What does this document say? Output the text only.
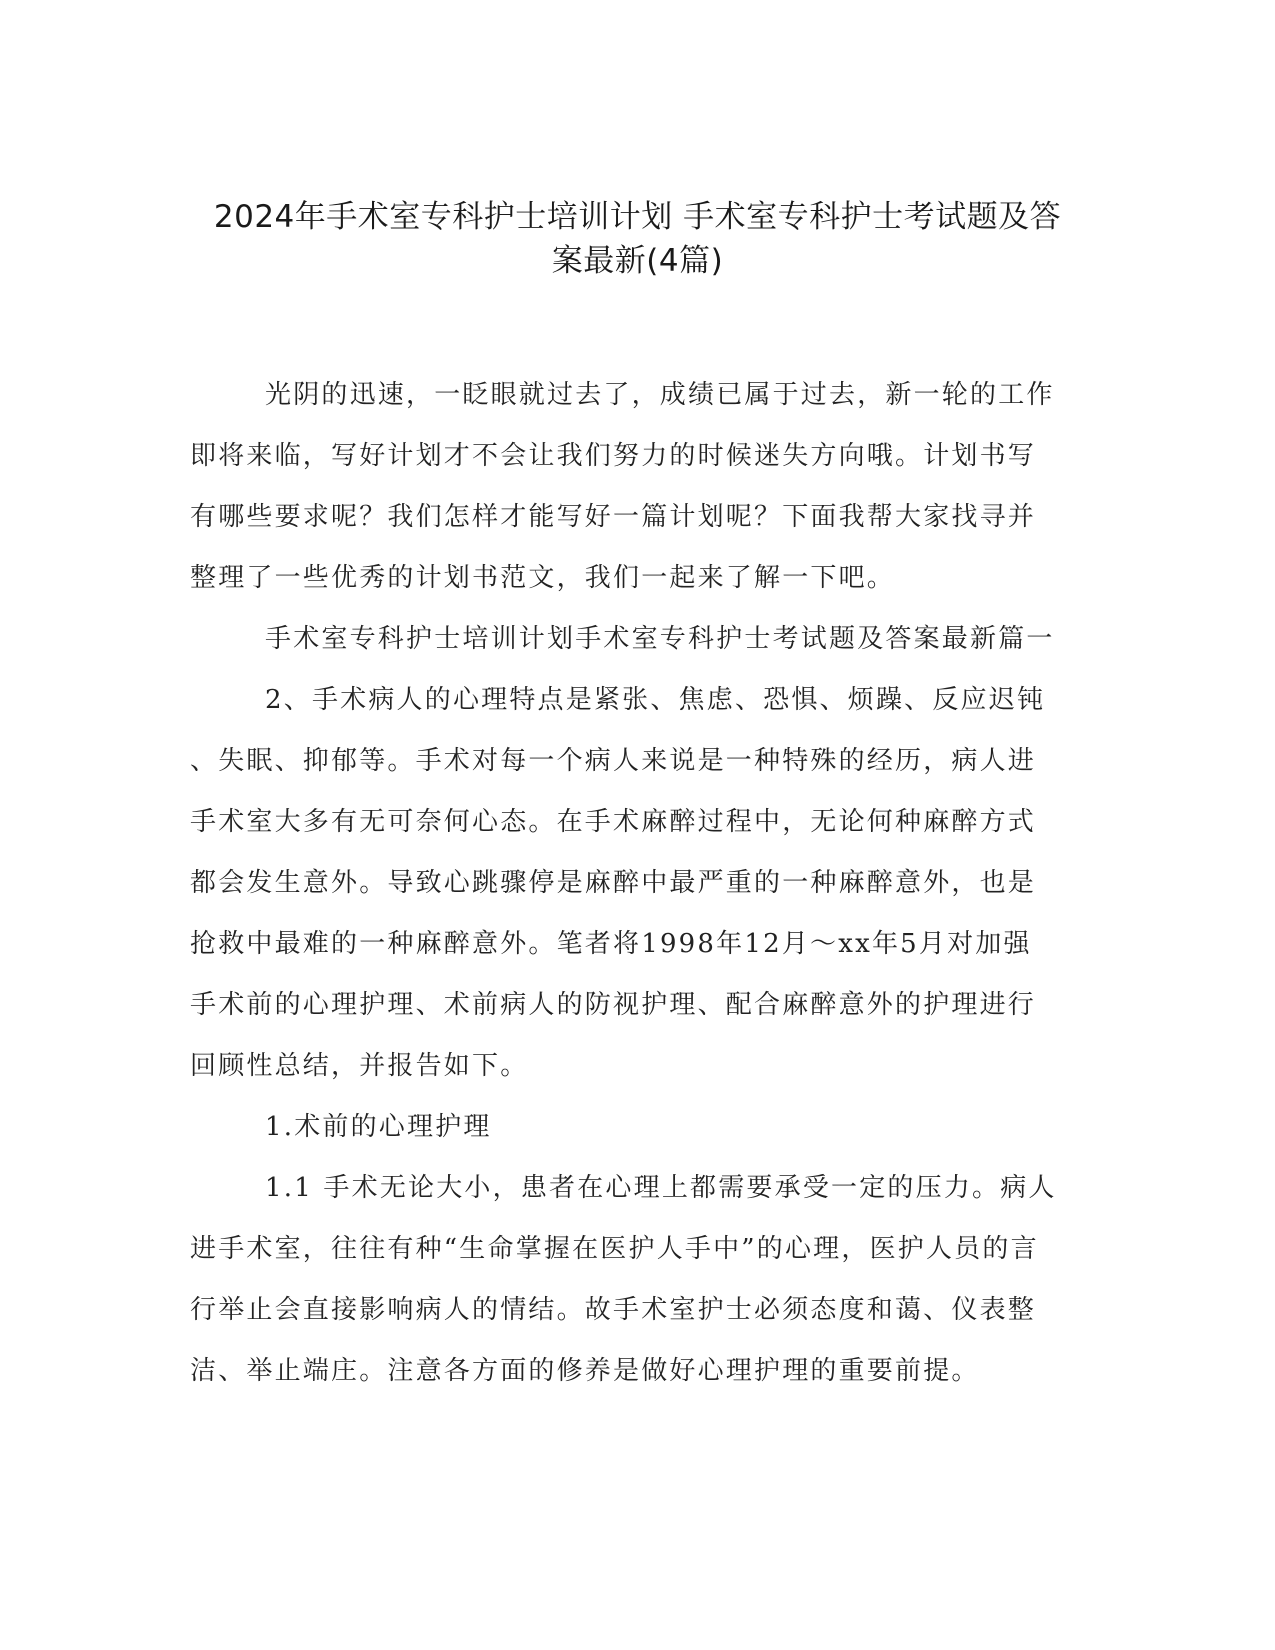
2024年手术室专科护士培训计划 手术室专科护士考试题及答
案最新(4篇)

光阴的迅速，一眨眼就过去了，成绩已属于过去，新一轮的工作
即将来临，写好计划才不会让我们努力的时候迷失方向哦。计划书写
有哪些要求呢？我们怎样才能写好一篇计划呢？下面我帮大家找寻并
整理了一些优秀的计划书范文，我们一起来了解一下吧。

手术室专科护士培训计划手术室专科护士考试题及答案最新篇一

2、手术病人的心理特点是紧张、焦虑、恐惧、烦躁、反应迟钝
、失眠、抑郁等。手术对每一个病人来说是一种特殊的经历，病人进
手术室大多有无可奈何心态。在手术麻醉过程中，无论何种麻醉方式
都会发生意外。导致心跳骤停是麻醉中最严重的一种麻醉意外，也是
抢救中最难的一种麻醉意外。笔者将1998年12月～xx年5月对加强
手术前的心理护理、术前病人的防视护理、配合麻醉意外的护理进行
回顾性总结，并报告如下。

1.术前的心理护理

1.1 手术无论大小，患者在心理上都需要承受一定的压力。病人
进手术室，往往有种“生命掌握在医护人手中”的心理，医护人员的言
行举止会直接影响病人的情结。故手术室护士必须态度和蔼、仪表整
洁、举止端庄。注意各方面的修养是做好心理护理的重要前提。
